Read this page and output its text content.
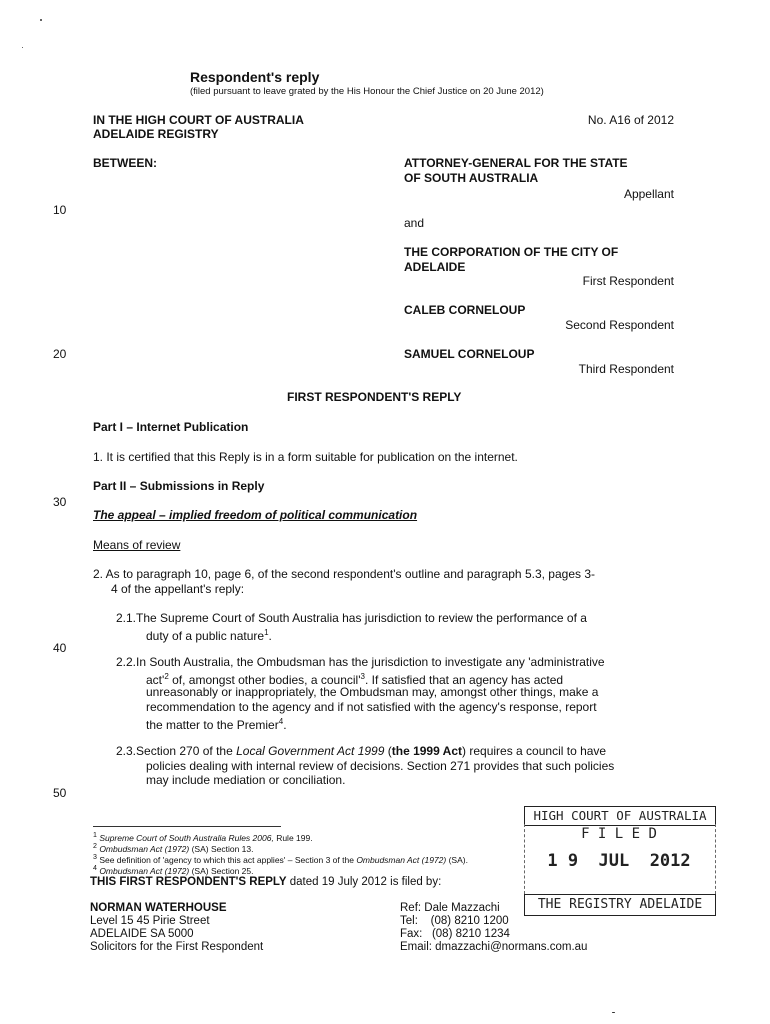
Respondent's reply
(filed pursuant to leave grated by the His Honour the Chief Justice on 20 June 2012)
IN THE HIGH COURT OF AUSTRALIA
ADELAIDE REGISTRY
No. A16 of 2012
BETWEEN:	ATTORNEY-GENERAL FOR THE STATE
OF SOUTH AUSTRALIA
Appellant
and
THE CORPORATION OF THE CITY OF
ADELAIDE
First Respondent
CALEB CORNELOUP
Second Respondent
SAMUEL CORNELOUP
Third Respondent
10
20
30
40
50
FIRST RESPONDENT'S REPLY
Part I – Internet Publication
1. It is certified that this Reply is in a form suitable for publication on the internet.
Part II – Submissions in Reply
The appeal – implied freedom of political communication
Means of review
2. As to paragraph 10, page 6, of the second respondent's outline and paragraph 5.3, pages 3-
4 of the appellant's reply:
2.1.The Supreme Court of South Australia has jurisdiction to review the performance of a
duty of a public nature$^1$.
2.2.In South Australia, the Ombudsman has the jurisdiction to investigate any 'administrative
$act'^2$ of, amongst other bodies, a $council'^3$. If satisfied that an agency has acted
unreasonably or inappropriately, the Ombudsman may, amongst other things, make a
recommendation to the agency and if not satisfied with the agency's response, report
the matter to the Premier$^4$.
2.3.Section 270 of the Local Government Act 1999 (the 1999 Act) requires a council to have
policies dealing with internal review of decisions. Section 271 provides that such policies
may include mediation or conciliation.
$^1$ Supreme Court of South Australia Rules 2006, Rule 199.
$^2$ Ombudsman Act (1972) (SA) Section 13.
$^3$ See definition of 'agency to which this act applies' – Section 3 of the Ombudsman Act (1972) (SA).
$^4$ Ombudsman Act (1972) (SA) Section 25.
THIS FIRST RESPONDENT'S REPLY dated 19 July 2012 is filed by:
NORMAN WATERHOUSE
Level 15 45 Pirie Street
ADELAIDE SA 5000
Solicitors for the First Respondent
Ref: Dale Mazzachi
Tel:    (08) 8210 1200
Fax:   (08) 8210 1234
Email: dmazzachi@normans.com.au
HIGH COURT OF AUSTRALIA
F I L E D
1 9  JUL  2012
THE REGISTRY ADELAIDE
